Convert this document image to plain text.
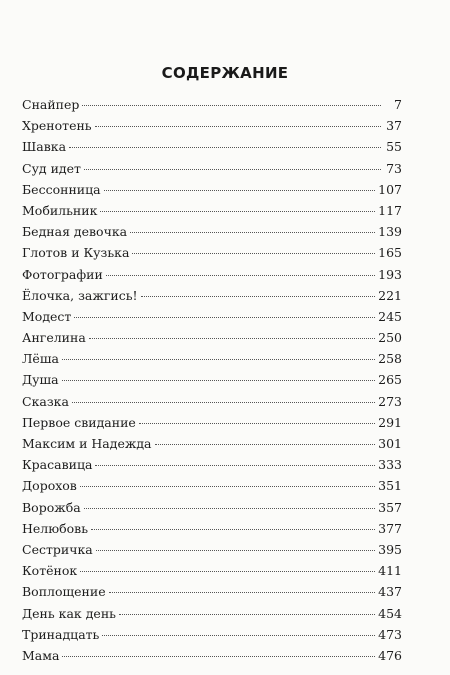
СОДЕРЖАНИЕ
Снайпер	7
Хренотень	37
Шавка	55
Суд идет	73
Бессонница	107
Мобильник	117
Бедная девочка	139
Глотов и Кузька	165
Фотографии	193
Ёлочка, зажгись!	221
Модест	245
Ангелина	250
Лёша	258
Душа	265
Сказка	273
Первое свидание	291
Максим и Надежда	301
Красавица	333
Дорохов	351
Ворожба	357
Нелюбовь	377
Сестричка	395
Котёнок	411
Воплощение	437
День как день	454
Тринадцать	473
Мама	476
